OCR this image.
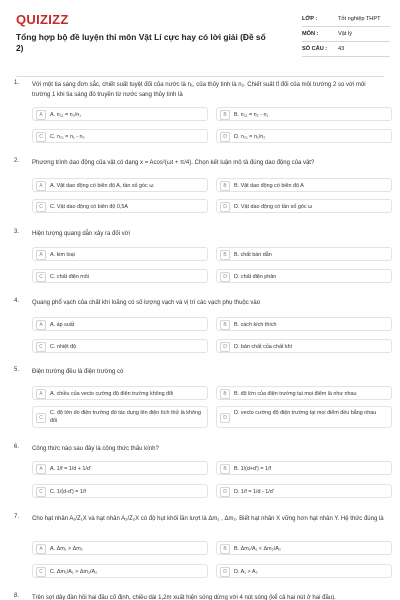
QUIZIZZ
Tổng hợp bộ đề luyện thi môn Vật Lí cực hay có lời giải (Đề số 2)
LỚP :	Tốt nghiệp THPT
MÔN :	Vật lý
SỐ CÂU : 43
1. Với một tia sáng đơn sắc, chiết suất tuyệt đối của nước là n₁, của thủy tinh là n₂. Chiết suất tỉ đối của môi trường 2 so với môi trường 1 khi tia sáng đó truyền từ nước sang thủy tinh là
A	A. n₂₁ = n₂/n₁	B	B. n₂₁ = n₂ - n₁
C	C. n₂₁ = n₁ - n₂	D	D. n₂₁ = n₁/n₂
2. Phương trình dao động của vật có dạng x = Acos²(ωt + π/4). Chọn kết luận mô tả đúng dao động của vật?
A	A. Vật dao động có biên độ A, tần số góc ω	B	B. Vật dao động có biên độ A
C	C. Vật dao động có biên độ 0,5A	D	D. Vật dao động có tần số góc ω
3. Hiện tượng quang dẫn xảy ra đối với
A	A. kim loại	B	B. chất bán dẫn
C	C. chất điện môi	D	D. chất điện phân
4. Quang phổ vạch của chất khí loãng có số lượng vạch và vị trí các vạch phụ thuộc vào
A	A. áp suất	B	B. cách kích thích
C	C. nhiệt độ	D	D. bản chất của chất khí
5. Điện trường đều là điện trường có
A	A. chiều của vecto cường độ điện trường không đổi	B	B. độ lớn của điện trường tại mọi điểm là như nhau
C
C. độ lớn do điện trường đó tác dụng lên điện tích thử là không đổi	D
D. vecto cường độ điện trường tại mọi điểm đều bằng nhau
6. Công thức nào sau đây là công thức thấu kính?
A	A. 1/f = 1/d + 1/d'	B	B. 1/(d+d') = 1/f
C	C. 1/(d-d') = 1/f	D	D. 1/f = 1/d - 1/d'
7. Cho hạt nhân A₁/Z₁X và hạt nhân A₂/Z₂X có độ hụt khối lần lượt là Δm₁ , Δm₂. Biết hạt nhân X vững hơn hạt nhân Y. Hệ thức đúng là
A	A. Δm₁ > Δm₂	B	B. Δm₁/A₁ < Δm₂/A₂
C	C. Δm₁/A₁ > Δm₂/A₂	D	D. A₁ > A₂
8. Trên sợi dây đàn hồi hai đầu cố định, chiều dài 1,2m xuất hiện sóng dừng với 4 nút sóng (kể cả hai nút ở hai đầu).
